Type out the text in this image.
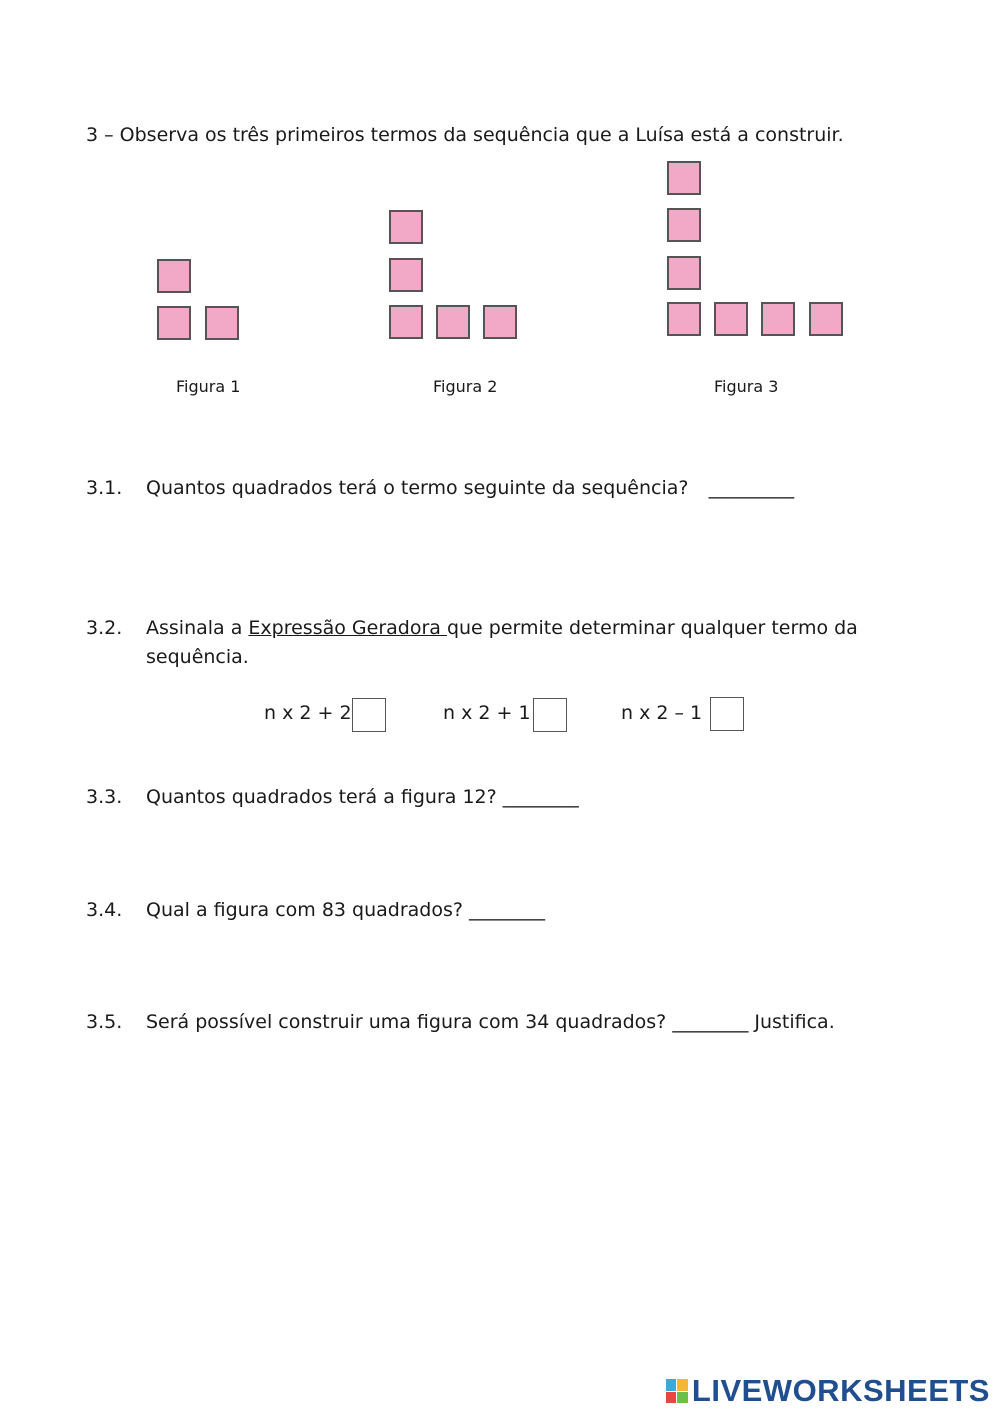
3 – Observa os três primeiros termos da sequência que a Luísa está a construir.
Figura 1	Figura 2	Figura 3
3.1. Quantos quadrados terá o termo seguinte da sequência? _________
3.2. Assinala a Expressão Geradora que permite determinar qualquer termo da
sequência.
n x 2 + 2	n x 2 + 1	n x 2 – 1
3.3. Quantos quadrados terá a figura 12? ________
3.4. Qual a figura com 83 quadrados? ________
3.5. Será possível construir uma figura com 34 quadrados? ________ Justifica.
LIVEWORKSHEETS
